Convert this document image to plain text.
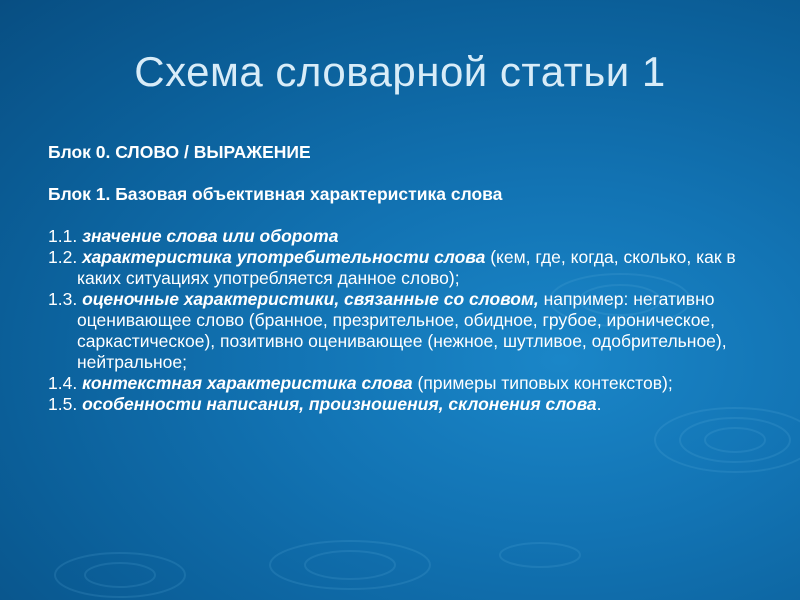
Схема словарной статьи 1
Блок 0. СЛОВО / ВЫРАЖЕНИЕ
Блок 1. Базовая объективная характеристика слова
1.1. значение слова или оборота
1.2. характеристика употребительности слова (кем, где, когда, сколько, как в каких ситуациях употребляется данное слово);
1.3. оценочные характеристики, связанные со словом, например: негативно оценивающее слово (бранное, презрительное, обидное, грубое, ироническое, саркастическое), позитивно оценивающее (нежное, шутливое, одобрительное), нейтральное;
1.4. контекстная характеристика слова (примеры типовых контекстов);
1.5. особенности написания, произношения, склонения слова.
